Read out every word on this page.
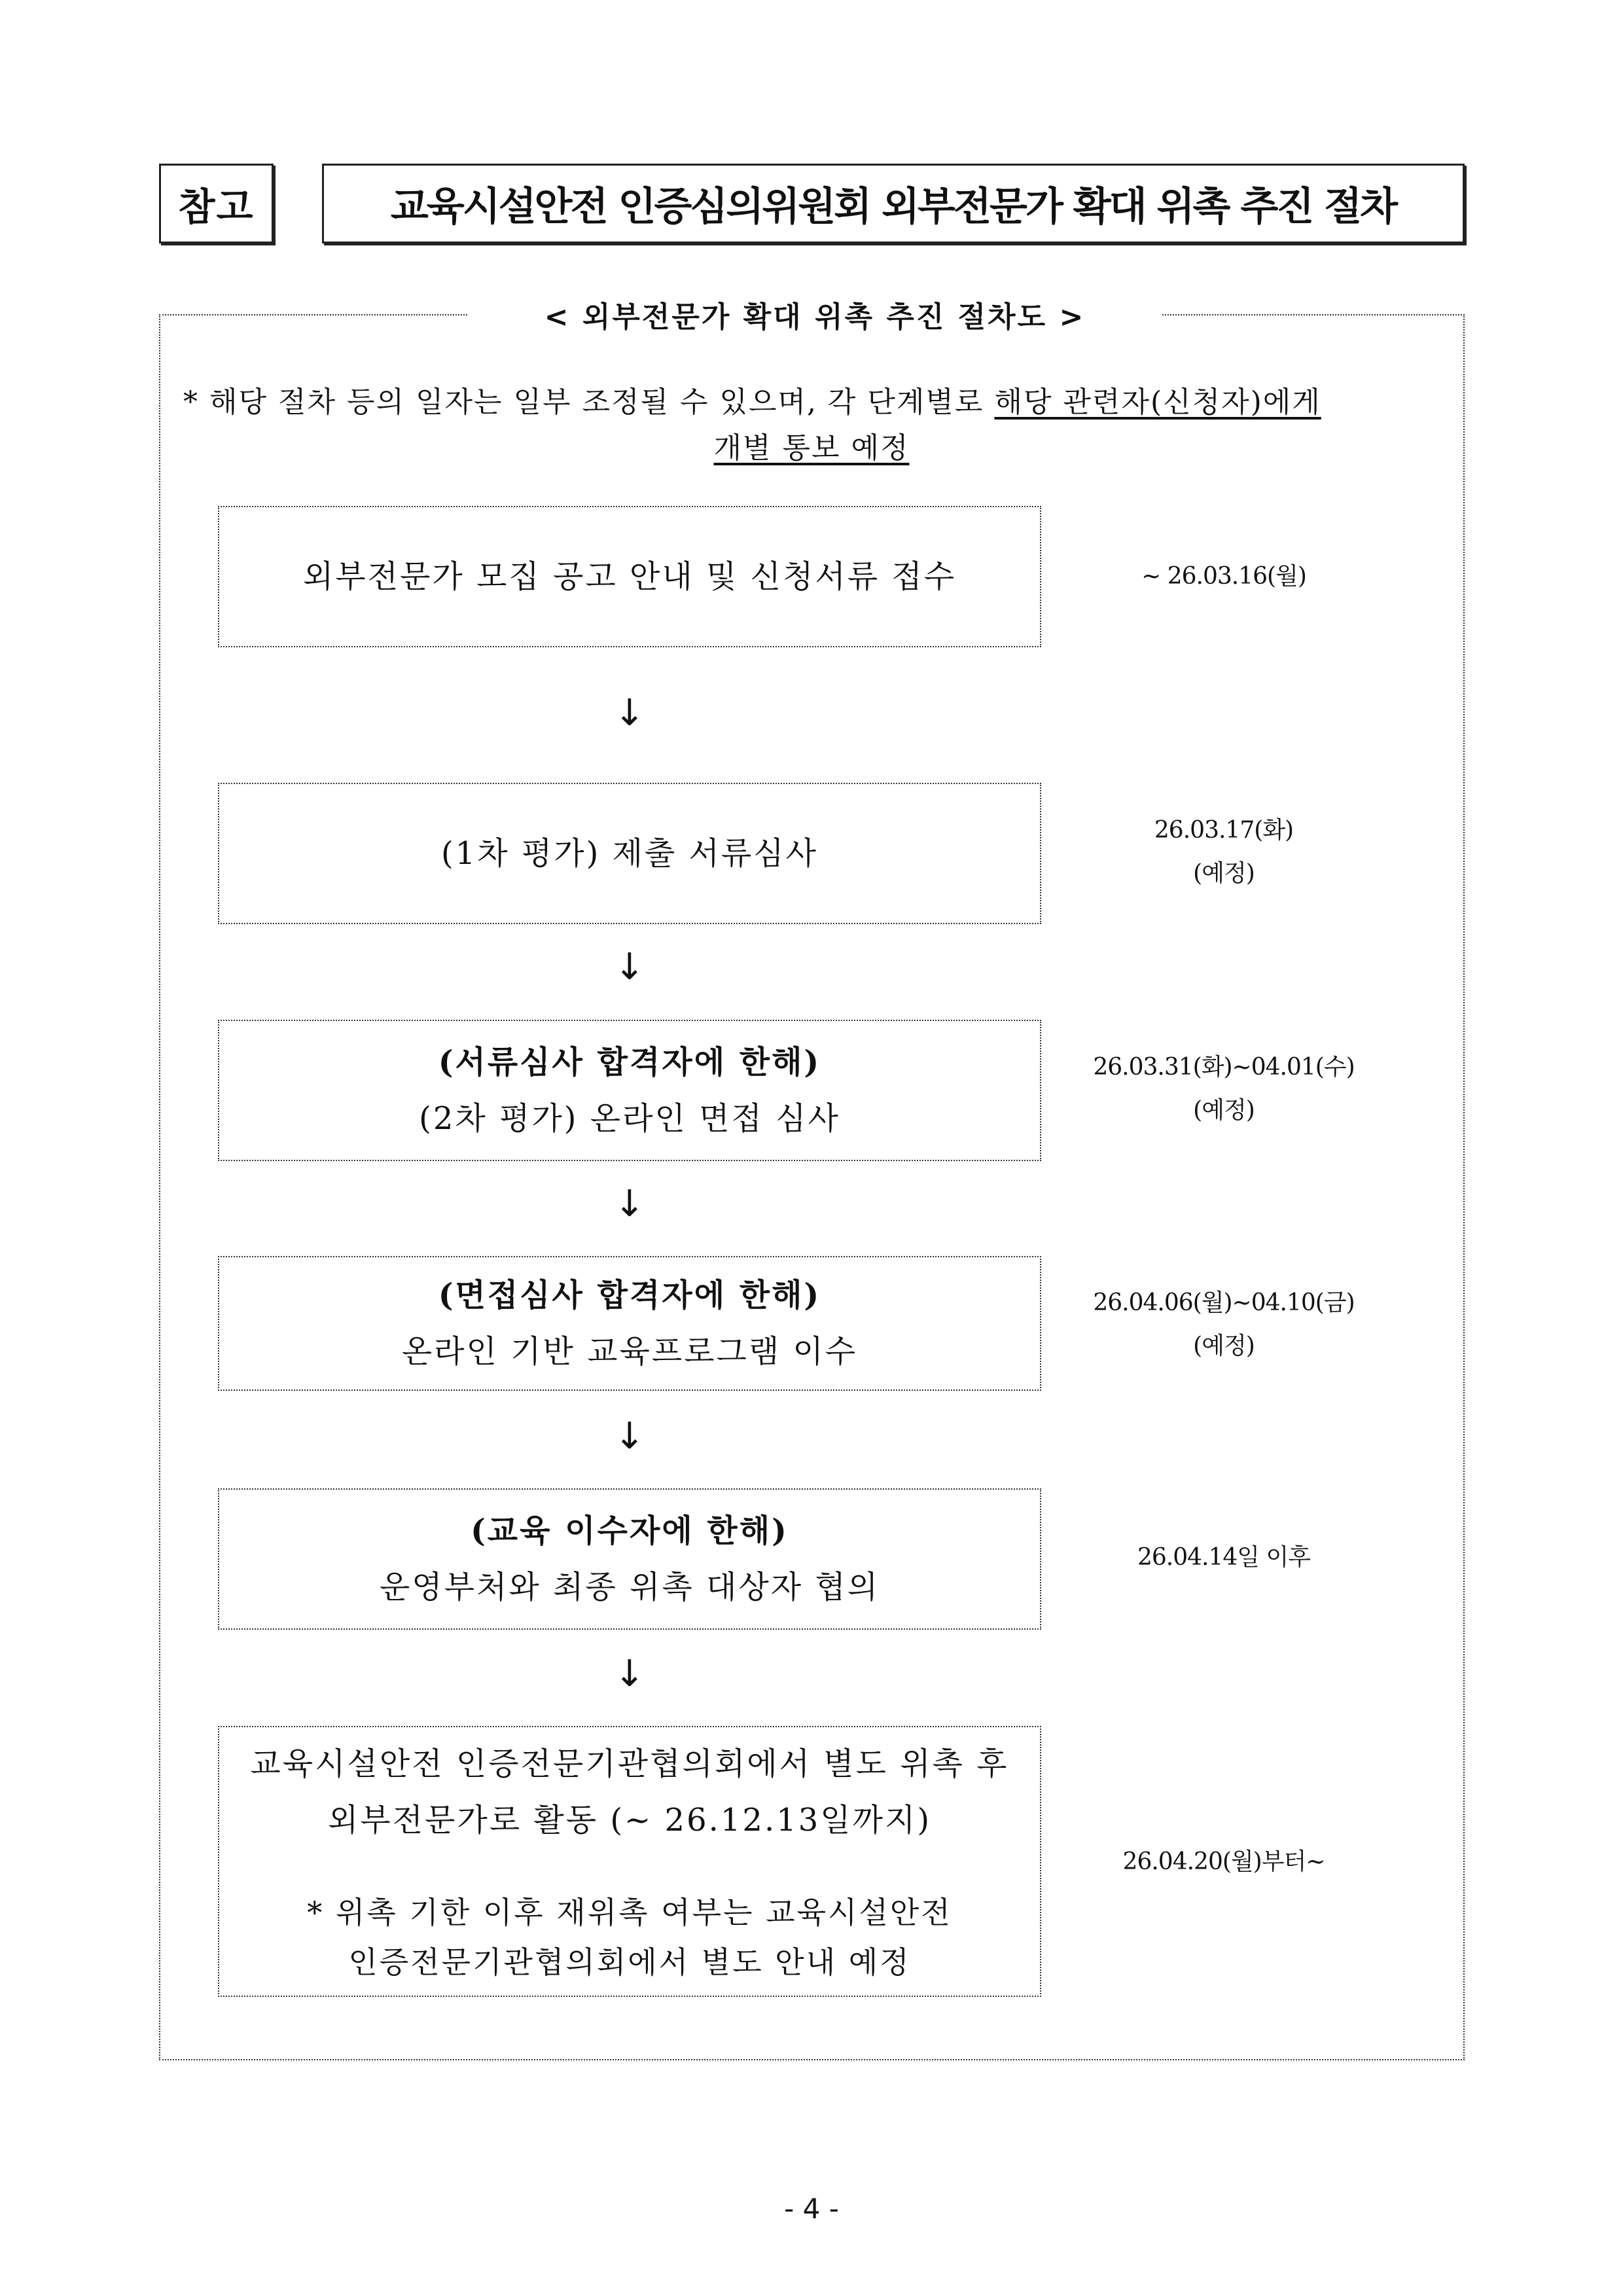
참고	교육시설안전 인증심의위원회 외부전문가 확대 위촉 추진 절차
< 외부전문가 확대 위촉 추진 절차도 >
* 해당 절차 등의 일자는 일부 조정될 수 있으며, 각 단계별로 해당 관련자(신청자)에게
개별 통보 예정
외부전문가 모집 공고 안내 및 신청서류 접수	~ 26.03.16(월)
↓
(1차 평가) 제출 서류심사
26.03.17(화)
(예정)
↓
(서류심사 합격자에 한해)
(2차 평가) 온라인 면접 심사
26.03.31(화)~04.01(수)
(예정)
↓
(면접심사 합격자에 한해)
온라인 기반 교육프로그램 이수
26.04.06(월)~04.10(금)
(예정)
↓
(교육 이수자에 한해)
운영부처와 최종 위촉 대상자 협의
26.04.14일 이후
↓
교육시설안전 인증전문기관협의회에서 별도 위촉 후
외부전문가로 활동 (~ 26.12.13일까지)
* 위촉 기한 이후 재위촉 여부는 교육시설안전
인증전문기관협의회에서 별도 안내 예정
26.04.20(월)부터~
- 4 -
